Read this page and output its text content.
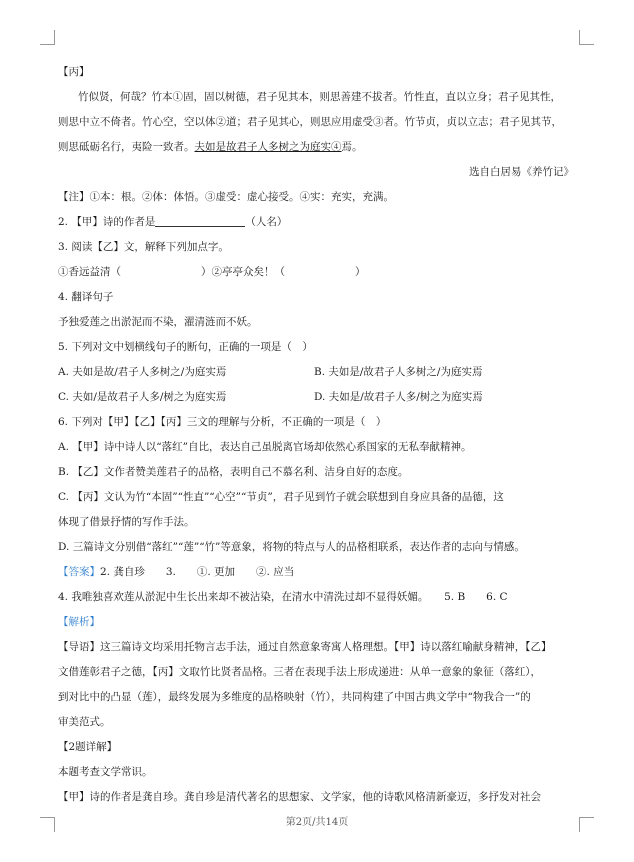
【丙】
竹似贤，何哉？竹本①固，固以树德，君子见其本，则思善建不拔者。竹性直，直以立身；君子见其性，
则思中立不倚者。竹心空，空以体②道；君子见其心，则思应用虚受③者。竹节贞，贞以立志；君子见其节，
则思砥砺名行，夷险一致者。夫如是故君子人多树之为庭实④焉。
选自白居易《养竹记》
【注】①本：根。②体：体悟。③虚受：虚心接受。④实：充实，充满。
2. 【甲】诗的作者是	（人名）
3. 阅读【乙】文，解释下列加点字。
①香远益清（	）②亭亭众矣！（	）
4. 翻译句子
予独爱莲之出淤泥而不染，濯清涟而不妖。
5. 下列对文中划横线句子的断句，正确的一项是（　）
A. 夫如是故/君子人多树之/为庭实焉	B. 夫如是/故君子人多树之/为庭实焉
C. 夫如/是故君子人多/树之为庭实焉	D. 夫如是/故君子人多/树之为庭实焉
6. 下列对【甲】【乙】【丙】三文的理解与分析，不正确的一项是（　）
A. 【甲】诗中诗人以“落红”自比，表达自己虽脱离官场却依然心系国家的无私奉献精神。
B. 【乙】文作者赞美莲君子的品格，表明自己不慕名利、洁身自好的态度。
C. 【丙】文认为竹“本固”“性直”“心空”“节贞”，君子见到竹子就会联想到自身应具备的品德，这
体现了借景抒情的写作手法。
D. 三篇诗文分别借“落红”“莲”“竹”等意象，将物的特点与人的品格相联系，表达作者的志向与情感。
【答案】2. 龚自珍　　3.　　①. 更加　　②. 应当
4. 我唯独喜欢莲从淤泥中生长出来却不被沾染，在清水中清洗过却不显得妖媚。　　5. B　　6. C
【解析】
【导语】这三篇诗文均采用托物言志手法，通过自然意象寄寓人格理想。【甲】诗以落红喻献身精神，【乙】
文借莲彰君子之德，【丙】文取竹比贤者品格。三者在表现手法上形成递进：从单一意象的象征（落红），
到对比中的凸显（莲），最终发展为多维度的品格映射（竹），共同构建了中国古典文学中“物我合一”的
审美范式。
【2题详解】
本题考查文学常识。
【甲】诗的作者是龚自珍。龚自珍是清代著名的思想家、文学家，他的诗歌风格清新豪迈，多抒发对社会
第2页/共14页
